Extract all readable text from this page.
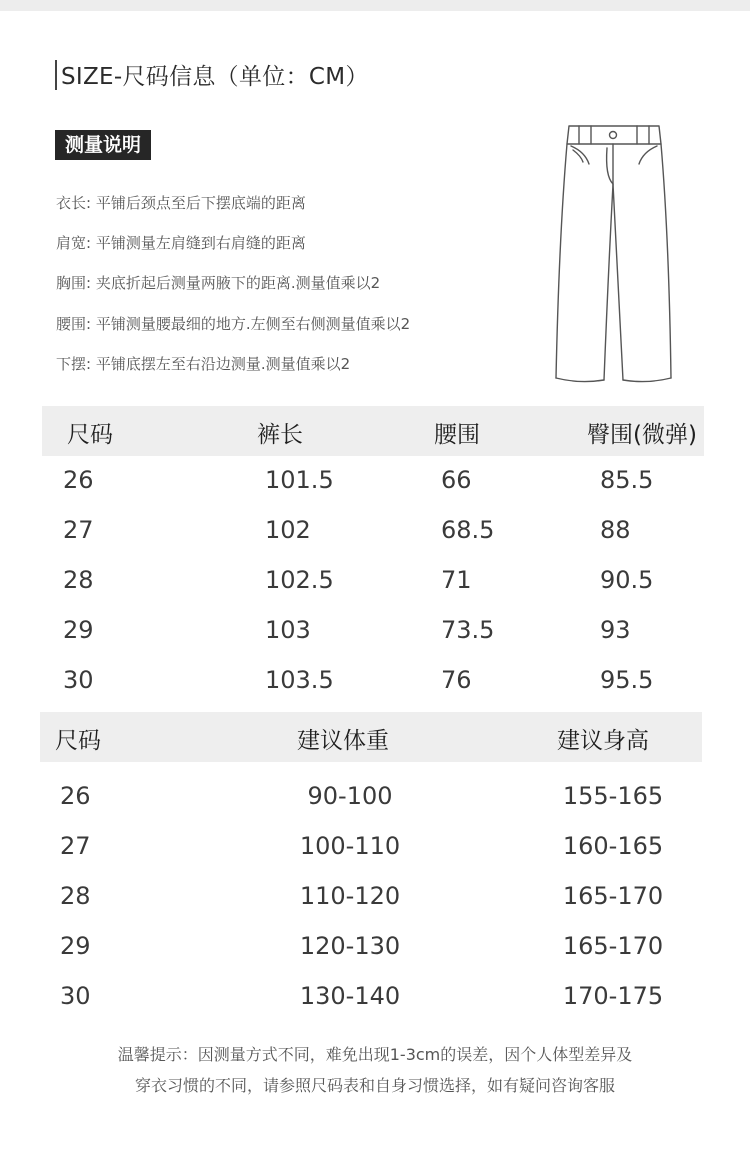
SIZE-尺码信息（单位：CM）
测量说明
衣长: 平铺后颈点至后下摆底端的距离
肩宽: 平铺测量左肩缝到右肩缝的距离
胸围: 夹底折起后测量两腋下的距离.测量值乘以2
腰围: 平铺测量腰最细的地方.左侧至右侧测量值乘以2
下摆: 平铺底摆左至右沿边测量.测量值乘以2
尺码	裤长	腰围	臀围(微弹)
26	101.5	66	85.5
27	102	68.5	88
28	102.5	71	90.5
29	103	73.5	93
30	103.5	76	95.5
尺码	建议体重	建议身高
26	90-100	155-165
27	100-110	160-165
28	110-120	165-170
29	120-130	165-170
30	130-140	170-175
温馨提示：因测量方式不同，难免出现1-3cm的误差，因个人体型差异及
穿衣习惯的不同，请参照尺码表和自身习惯选择，如有疑问咨询客服
